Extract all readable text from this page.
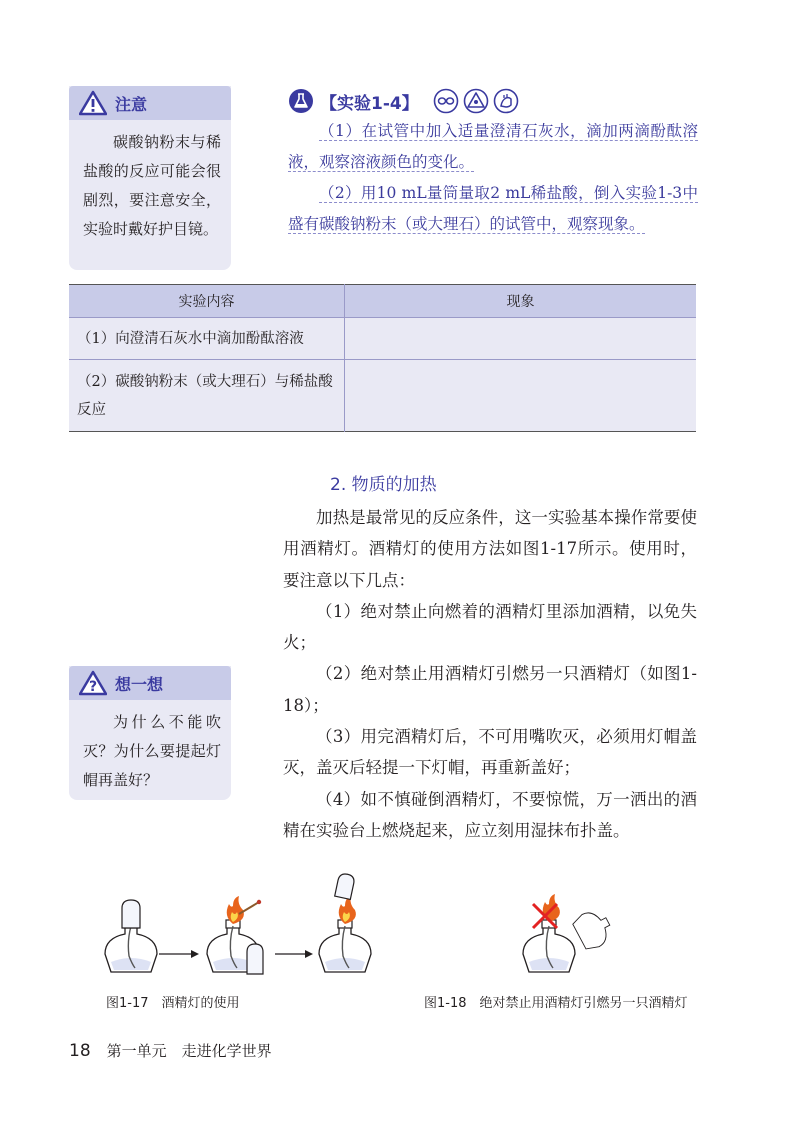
注意
碳酸钠粉末与稀盐酸的反应可能会很剧烈，要注意安全，实验时戴好护目镜。
【实验1-4】

（1）在试管中加入适量澄清石灰水，滴加两滴酚酞溶液，观察溶液颜色的变化。

（2）用10 mL量筒量取2 mL稀盐酸，倒入实验1-3中盛有碳酸钠粉末（或大理石）的试管中，观察现象。

实验内容	现象
（1）向澄清石灰水中滴加酚酞溶液	
（2）碳酸钠粉末（或大理石）与稀盐酸反应	
2. 物质的加热

加热是最常见的反应条件，这一实验基本操作常要使用酒精灯。酒精灯的使用方法如图1-17所示。使用时，要注意以下几点：

（1）绝对禁止向燃着的酒精灯里添加酒精，以免失火；

（2）绝对禁止用酒精灯引燃另一只酒精灯（如图1-18）；

（3）用完酒精灯后，不可用嘴吹灭，必须用灯帽盖灭，盖灭后轻提一下灯帽，再重新盖好；

（4）如不慎碰倒酒精灯，不要惊慌，万一洒出的酒精在实验台上燃烧起来，应立刻用湿抹布扑盖。

? 想一想
为什么不能吹灭？为什么要提起灯帽再盖好？
图1-17　酒精灯的使用	图1-18　绝对禁止用酒精灯引燃另一只酒精灯
18 第一单元　走进化学世界
